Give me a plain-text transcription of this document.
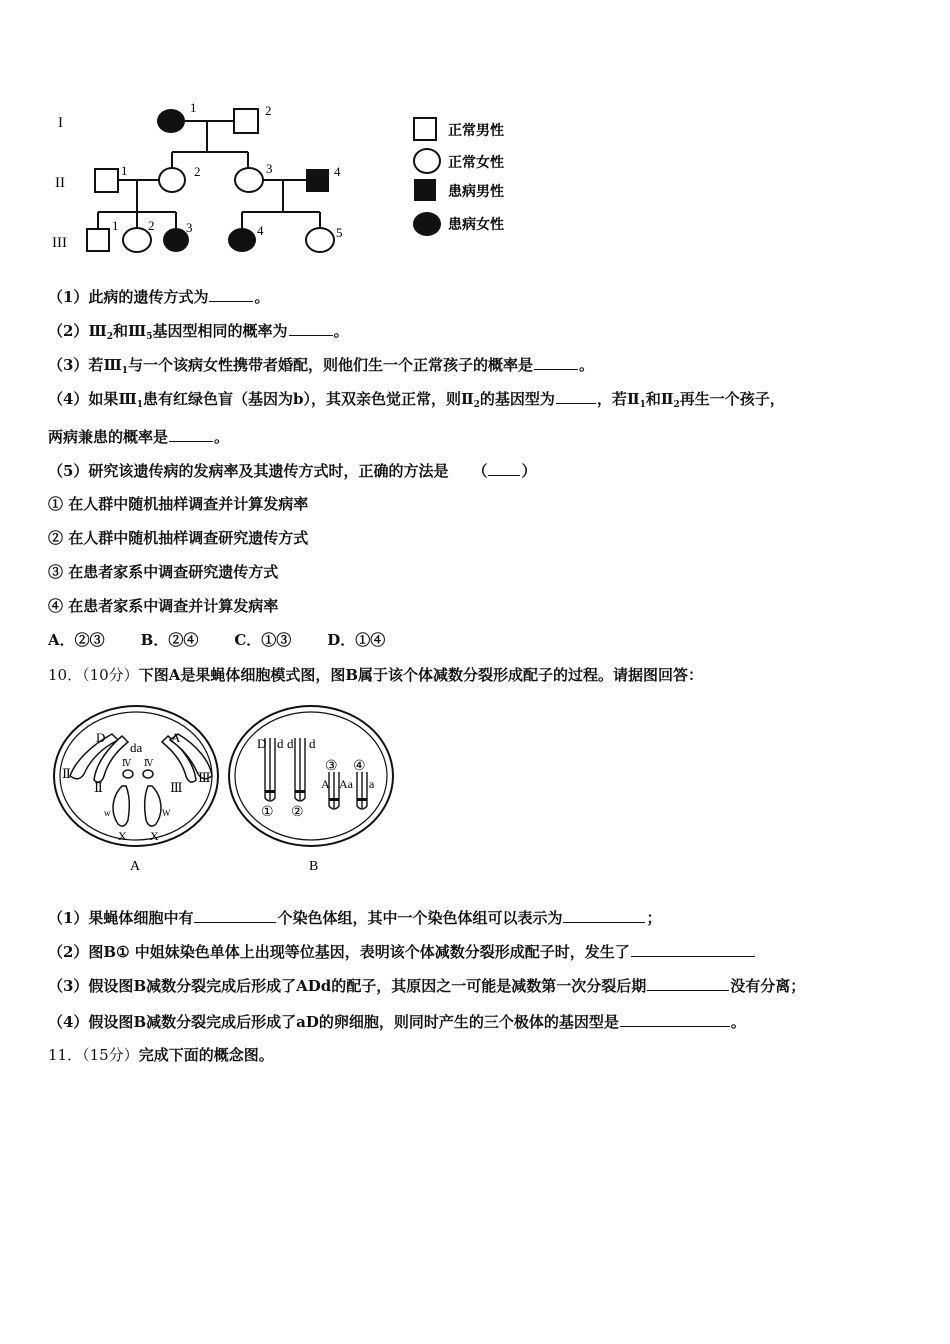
I
II
III
1	2
1	2	3	4
1 2 3	4	5
正常男性
正常女性
患病男性
患病女性
（1）此病的遗传方式为	。
$(2)Ⅲ_2$和$Ⅲ_5$基因型相同的概率为	。
（3）若$Ⅲ_1$与一个该病女性携带者婚配，则他们生一个正常孩子的概率是	。
（4）如果$Ⅲ_1$患有红绿色盲（基因为b），其双亲色觉正常，则$Ⅱ_2$的基因型为	，若$Ⅱ_1$和$Ⅱ_2$再生一个孩子，
两病兼患的概率是	。
（5）研究该遗传病的发病率及其遗传方式时，正确的方法是 （ ）
① 在人群中随机抽样调查并计算发病率
② 在人群中随机抽样调查研究遗传方式
③ 在患者家系中调查研究遗传方式
④ 在患者家系中调查并计算发病率
A．②③ B．②④ C．①③ D．①④
10．（10分）下图A是果蝇体细胞模式图，图B属于该个体减数分裂形成配子的过程。请据图回答：
D
da
A
Ⅱ
Ⅳ Ⅳ
Ⅲ
Ⅱ	Ⅲ
w	W
X X
A
D d d d
A Aa a
① ②
③ ④
B
（1）果蝇体细胞中有	个染色体组，其中一个染色体组可以表示为	；
（2）图B① 中姐妹染色单体上出现等位基因，表明该个体减数分裂形成配子时，发生了
（3）假设图B减数分裂完成后形成了ADd的配子，其原因之一可能是减数第一次分裂后期	没有分离；
（4）假设图B减数分裂完成后形成了aD的卵细胞，则同时产生的三个极体的基因型是	。
11．（15分）完成下面的概念图。
